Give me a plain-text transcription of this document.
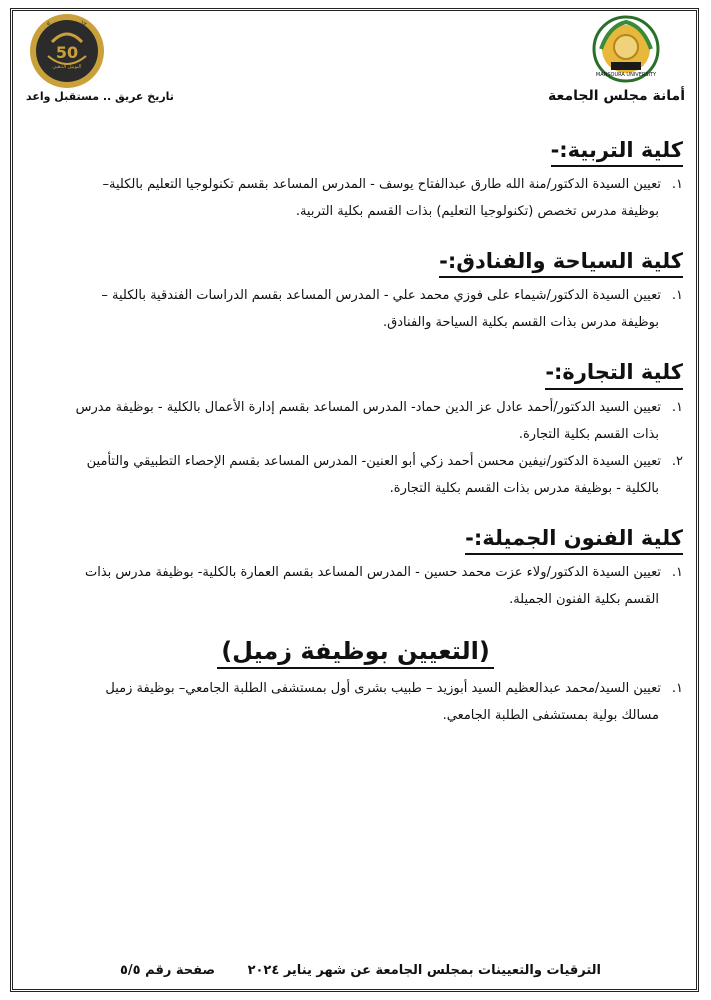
MANSOURA UNIVERSITY
أمانة مجلس الجامعة
جامعة المنصورة
50
اليوبيل الذهبي
تاريخ عريق .. مستقبل واعد
كلية التربية:-
١.تعيين السيدة الدكتور/منة الله طارق عبدالفتاح يوسف - المدرس المساعد بقسم تكنولوجيا التعليم بالكلية–
بوظيفة مدرس تخصص (تكنولوجيا التعليم) بذات القسم بكلية التربية.
كلية السياحة والفنادق:-
١.تعيين السيدة الدكتور/شيماء على فوزي محمد علي - المدرس المساعد بقسم الدراسات الفندقية بالكلية –
بوظيفة مدرس بذات القسم بكلية السياحة والفنادق.
كلية التجارة:-
١.تعيين السيد الدكتور/أحمد عادل عز الدين حماد- المدرس المساعد بقسم إدارة الأعمال بالكلية - بوظيفة مدرس
بذات القسم بكلية التجارة.
٢.تعيين السيدة الدكتور/نيفين محسن أحمد زكي أبو العنين- المدرس المساعد بقسم الإحصاء التطبيقي والتأمين
بالكلية - بوظيفة مدرس بذات القسم بكلية التجارة.
كلية الفنون الجميلة:-
١.تعيين السيدة الدكتور/ولاء عزت محمد حسين - المدرس المساعد بقسم العمارة بالكلية- بوظيفة مدرس بذات
القسم بكلية الفنون الجميلة.
(التعيين بوظيفة زميل)
١.تعيين السيد/محمد عبدالعظيم السيد أبوزيد – طبيب بشرى أول بمستشفى الطلبة الجامعي– بوظيفة زميل
مسالك بولية بمستشفى الطلبة الجامعي.
الترقيات والتعيينات بمجلس الجامعة عن شهر يناير ٢٠٢٤
صفحة رقم ٥/٥
